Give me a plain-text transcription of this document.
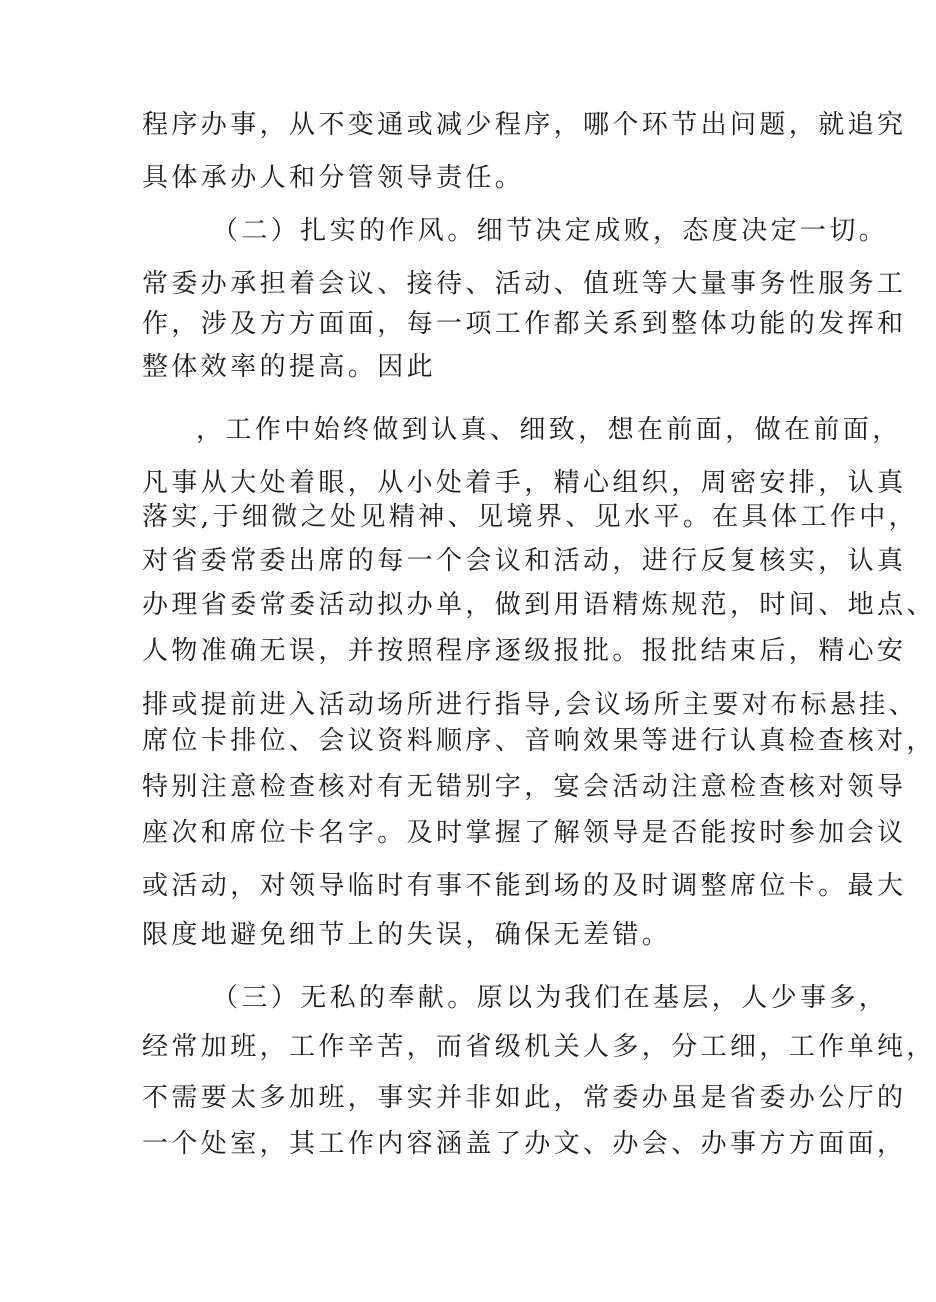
程序办事，从不变通或减少程序，哪个环节出问题，就追究
具体承办人和分管领导责任。
（二）扎实的作风。细节决定成败，态度决定一切。
常委办承担着会议、接待、活动、值班等大量事务性服务工
作，涉及方方面面，每一项工作都关系到整体功能的发挥和
整体效率的提高。因此
，工作中始终做到认真、细致，想在前面，做在前面，
凡事从大处着眼，从小处着手，精心组织，周密安排，认真
落实,于细微之处见精神、见境界、见水平。在具体工作中，
对省委常委出席的每一个会议和活动，进行反复核实，认真
办理省委常委活动拟办单，做到用语精炼规范，时间、地点、
人物准确无误，并按照程序逐级报批。报批结束后，精心安
排或提前进入活动场所进行指导,会议场所主要对布标悬挂、
席位卡排位、会议资料顺序、音响效果等进行认真检查核对，
特别注意检查核对有无错别字，宴会活动注意检查核对领导
座次和席位卡名字。及时掌握了解领导是否能按时参加会议
或活动，对领导临时有事不能到场的及时调整席位卡。最大
限度地避免细节上的失误，确保无差错。
（三）无私的奉献。原以为我们在基层，人少事多，
经常加班，工作辛苦，而省级机关人多，分工细，工作单纯，
不需要太多加班，事实并非如此，常委办虽是省委办公厅的
一个处室，其工作内容涵盖了办文、办会、办事方方面面，
